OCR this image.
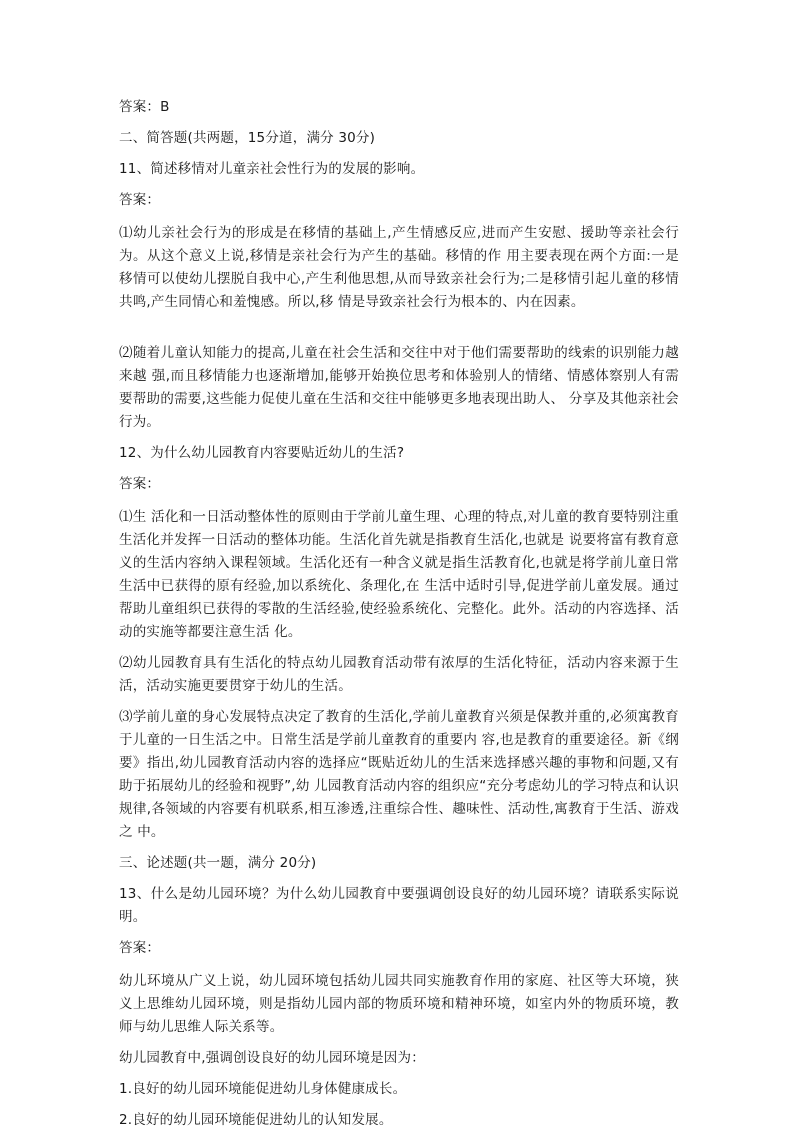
答案：B

二、简答题(共两题，15分道，满分 30分)

11、简述移情对儿童亲社会性行为的发展的影响。

答案：

⑴幼儿亲社会行为的形成是在移情的基础上,产生情感反应,进而产生安慰、援助等亲社会行为。从这个意义上说,移情是亲社会行为产生的基础。移情的作 用主要表现在两个方面:一是移情可以使幼儿摆脱自我中心,产生利他思想,从而导致亲社会行为;二是移情引起儿童的移情共鸣,产生同情心和羞愧感。所以,移 情是导致亲社会行为根本的、内在因素。

⑵随着儿童认知能力的提高,儿童在社会生活和交往中对于他们需要帮助的线索的识别能力越来越 强,而且移情能力也逐渐增加,能够开始换位思考和体验别人的情绪、情感体察别人有需要帮助的需要,这些能力促使儿童在生活和交往中能够更多地表现出助人、 分享及其他亲社会行为。

12、为什么幼儿园教育内容要贴近幼儿的生活?

答案：

⑴生 活化和一日活动整体性的原则由于学前儿童生理、心理的特点,对儿童的教育要特别注重生活化并发挥一日活动的整体功能。生活化首先就是指教育生活化,也就是 说要将富有教育意义的生活内容纳入课程领域。生活化还有一种含义就是指生活教育化,也就是将学前儿童日常生活中已获得的原有经验,加以系统化、条理化,在 生活中适时引导,促进学前儿童发展。通过帮助儿童组织已获得的零散的生活经验,使经验系统化、完整化。此外。活动的内容选择、活动的实施等都要注意生活 化。

⑵幼儿园教育具有生活化的特点幼儿园教育活动带有浓厚的生活化特征，活动内容来源于生活，活动实施更要贯穿于幼儿的生活。

⑶学前儿童的身心发展特点决定了教育的生活化,学前儿童教育兴须是保教并重的,必须寓教育于儿童的一日生活之中。日常生活是学前儿童教育的重要内 容,也是教育的重要途径。新《纲要》指出,幼儿园教育活动内容的选择应“既贴近幼儿的生活来选择感兴趣的事物和问题,又有助于拓展幼儿的经验和视野”,幼 儿园教育活动内容的组织应“充分考虑幼儿的学习特点和认识规律,各领域的内容要有机联系,相互渗透,注重综合性、趣味性、活动性,寓教育于生活、游戏之 中。

三、论述题(共一题，满分 20分)

13、什么是幼儿园环境？为什么幼儿园教育中要强调创设良好的幼儿园环境？请联系实际说明。

答案：

幼儿环境从广义上说，幼儿园环境包括幼儿园共同实施教育作用的家庭、社区等大环境，狭义上思维幼儿园环境，则是指幼儿园内部的物质环境和精神环境，如室内外的物质环境，教师与幼儿思维人际关系等。

幼儿园教育中,强调创设良好的幼儿园环境是因为：

1.良好的幼儿园环境能促进幼儿身体健康成长。

2.良好的幼儿园环境能促进幼儿的认知发展。
